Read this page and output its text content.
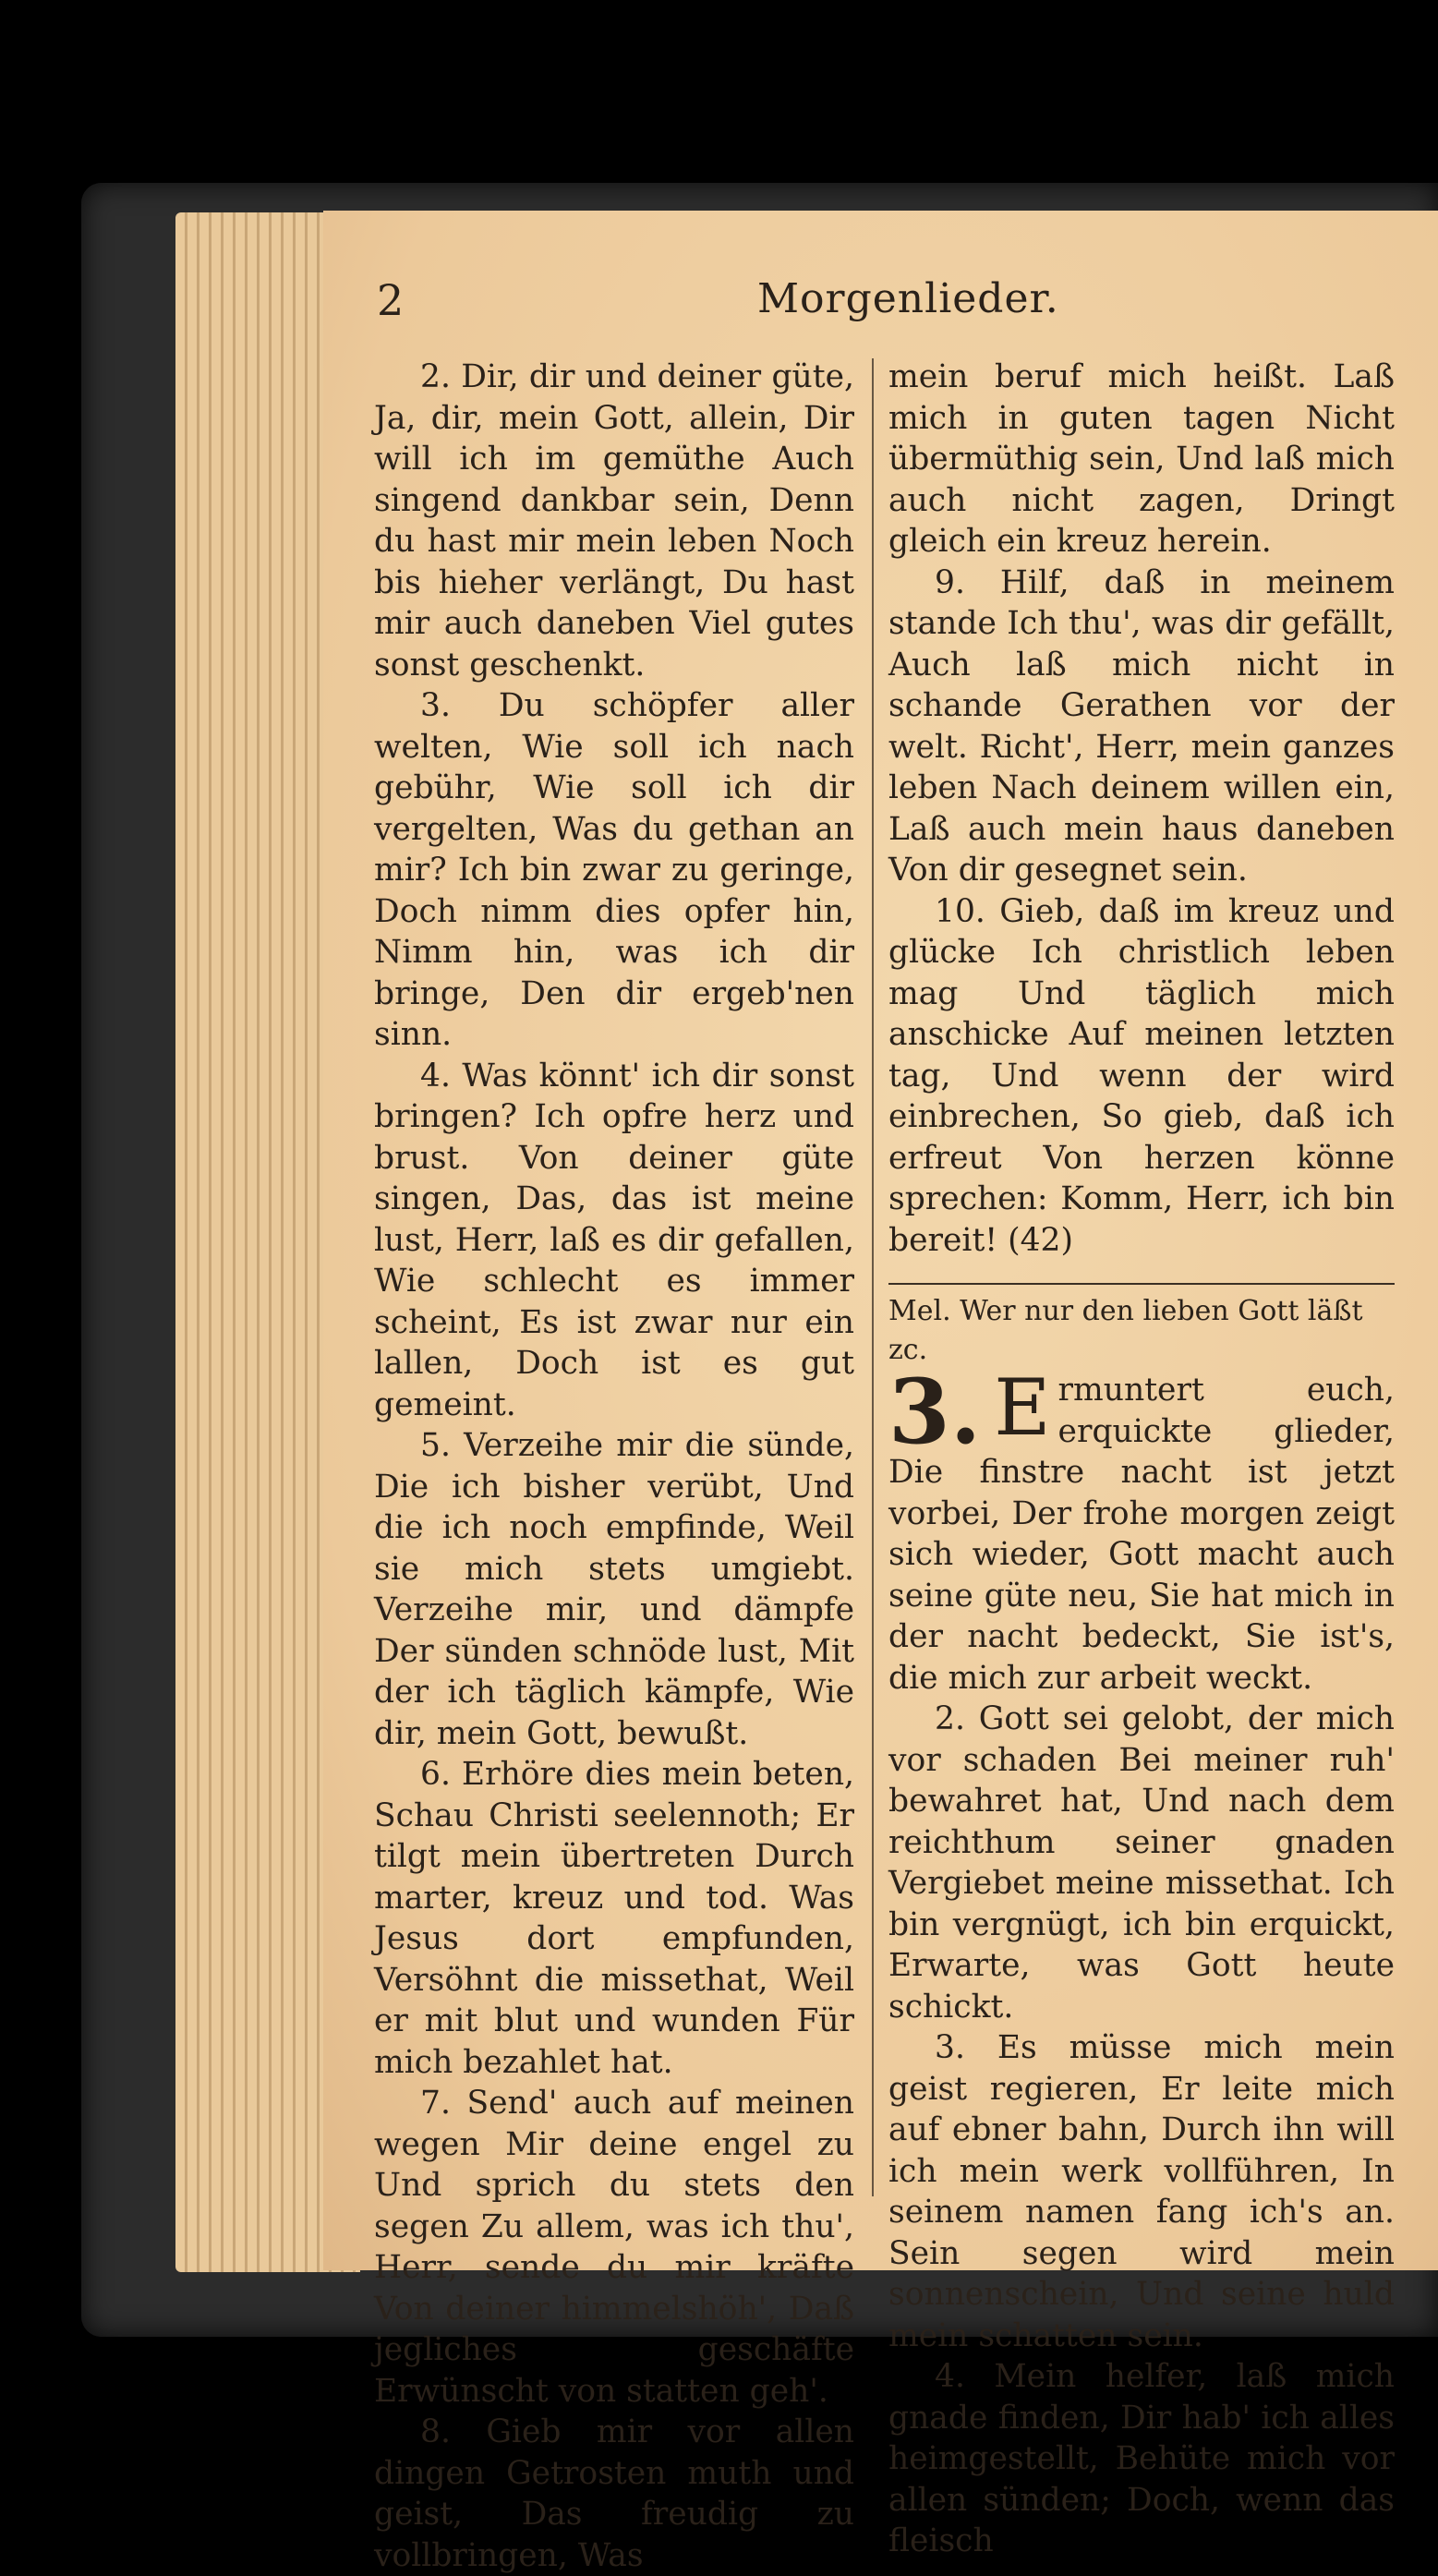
2	Morgenlieder.

2. Dir, dir und deiner güte, Ja, dir, mein Gott, allein, Dir will ich im gemüthe Auch singend dankbar sein, Denn du hast mir mein leben Noch bis hieher verlängt, Du hast mir auch daneben Viel gutes sonst geschenkt.

3. Du schöpfer aller welten, Wie soll ich nach gebühr, Wie soll ich dir vergelten, Was du gethan an mir? Ich bin zwar zu geringe, Doch nimm dies opfer hin, Nimm hin, was ich dir bringe, Den dir ergeb'nen sinn.

4. Was könnt' ich dir sonst bringen? Ich opfre herz und brust. Von deiner güte singen, Das, das ist meine lust, Herr, laß es dir gefallen, Wie schlecht es immer scheint, Es ist zwar nur ein lallen, Doch ist es gut gemeint.

5. Verzeihe mir die sünde, Die ich bisher verübt, Und die ich noch empfinde, Weil sie mich stets umgiebt. Verzeihe mir, und dämpfe Der sünden schnöde lust, Mit der ich täglich kämpfe, Wie dir, mein Gott, bewußt.

6. Erhöre dies mein beten, Schau Christi seelennoth; Er tilgt mein übertreten Durch marter, kreuz und tod. Was Jesus dort empfunden, Versöhnt die missethat, Weil er mit blut und wunden Für mich bezahlet hat.

7. Send' auch auf meinen wegen Mir deine engel zu Und sprich du stets den segen Zu allem, was ich thu', Herr, sende du mir kräfte Von deiner himmelshöh', Daß jegliches geschäfte Erwünscht von statten geh'.

8. Gieb mir vor allen dingen Getrosten muth und geist, Das freudig zu vollbringen, Was

mein beruf mich heißt. Laß mich in guten tagen Nicht übermüthig sein, Und laß mich auch nicht zagen, Dringt gleich ein kreuz herein.

9. Hilf, daß in meinem stande Ich thu', was dir gefällt, Auch laß mich nicht in schande Gerathen vor der welt. Richt', Herr, mein ganzes leben Nach deinem willen ein, Laß auch mein haus daneben Von dir gesegnet sein.

10. Gieb, daß im kreuz und glücke Ich christlich leben mag Und täglich mich anschicke Auf meinen letzten tag, Und wenn der wird einbrechen, So gieb, daß ich erfreut Von herzen könne sprechen: Komm, Herr, ich bin bereit! (42)

Mel. Wer nur den lieben Gott läßt zc.

3. E rmuntert euch, erquickte glieder, Die finstre nacht ist jetzt vorbei, Der frohe morgen zeigt sich wieder, Gott macht auch seine güte neu, Sie hat mich in der nacht bedeckt, Sie ist's, die mich zur arbeit weckt.

2. Gott sei gelobt, der mich vor schaden Bei meiner ruh' bewahret hat, Und nach dem reichthum seiner gnaden Vergiebet meine missethat. Ich bin vergnügt, ich bin erquickt, Erwarte, was Gott heute schickt.

3. Es müsse mich mein geist regieren, Er leite mich auf ebner bahn, Durch ihn will ich mein werk vollführen, In seinem namen fang ich's an. Sein segen wird mein sonnenschein, Und seine huld mein schatten sein.

4. Mein helfer, laß mich gnade finden, Dir hab' ich alles heimgestellt, Behüte mich vor allen sünden; Doch, wenn das fleisch
